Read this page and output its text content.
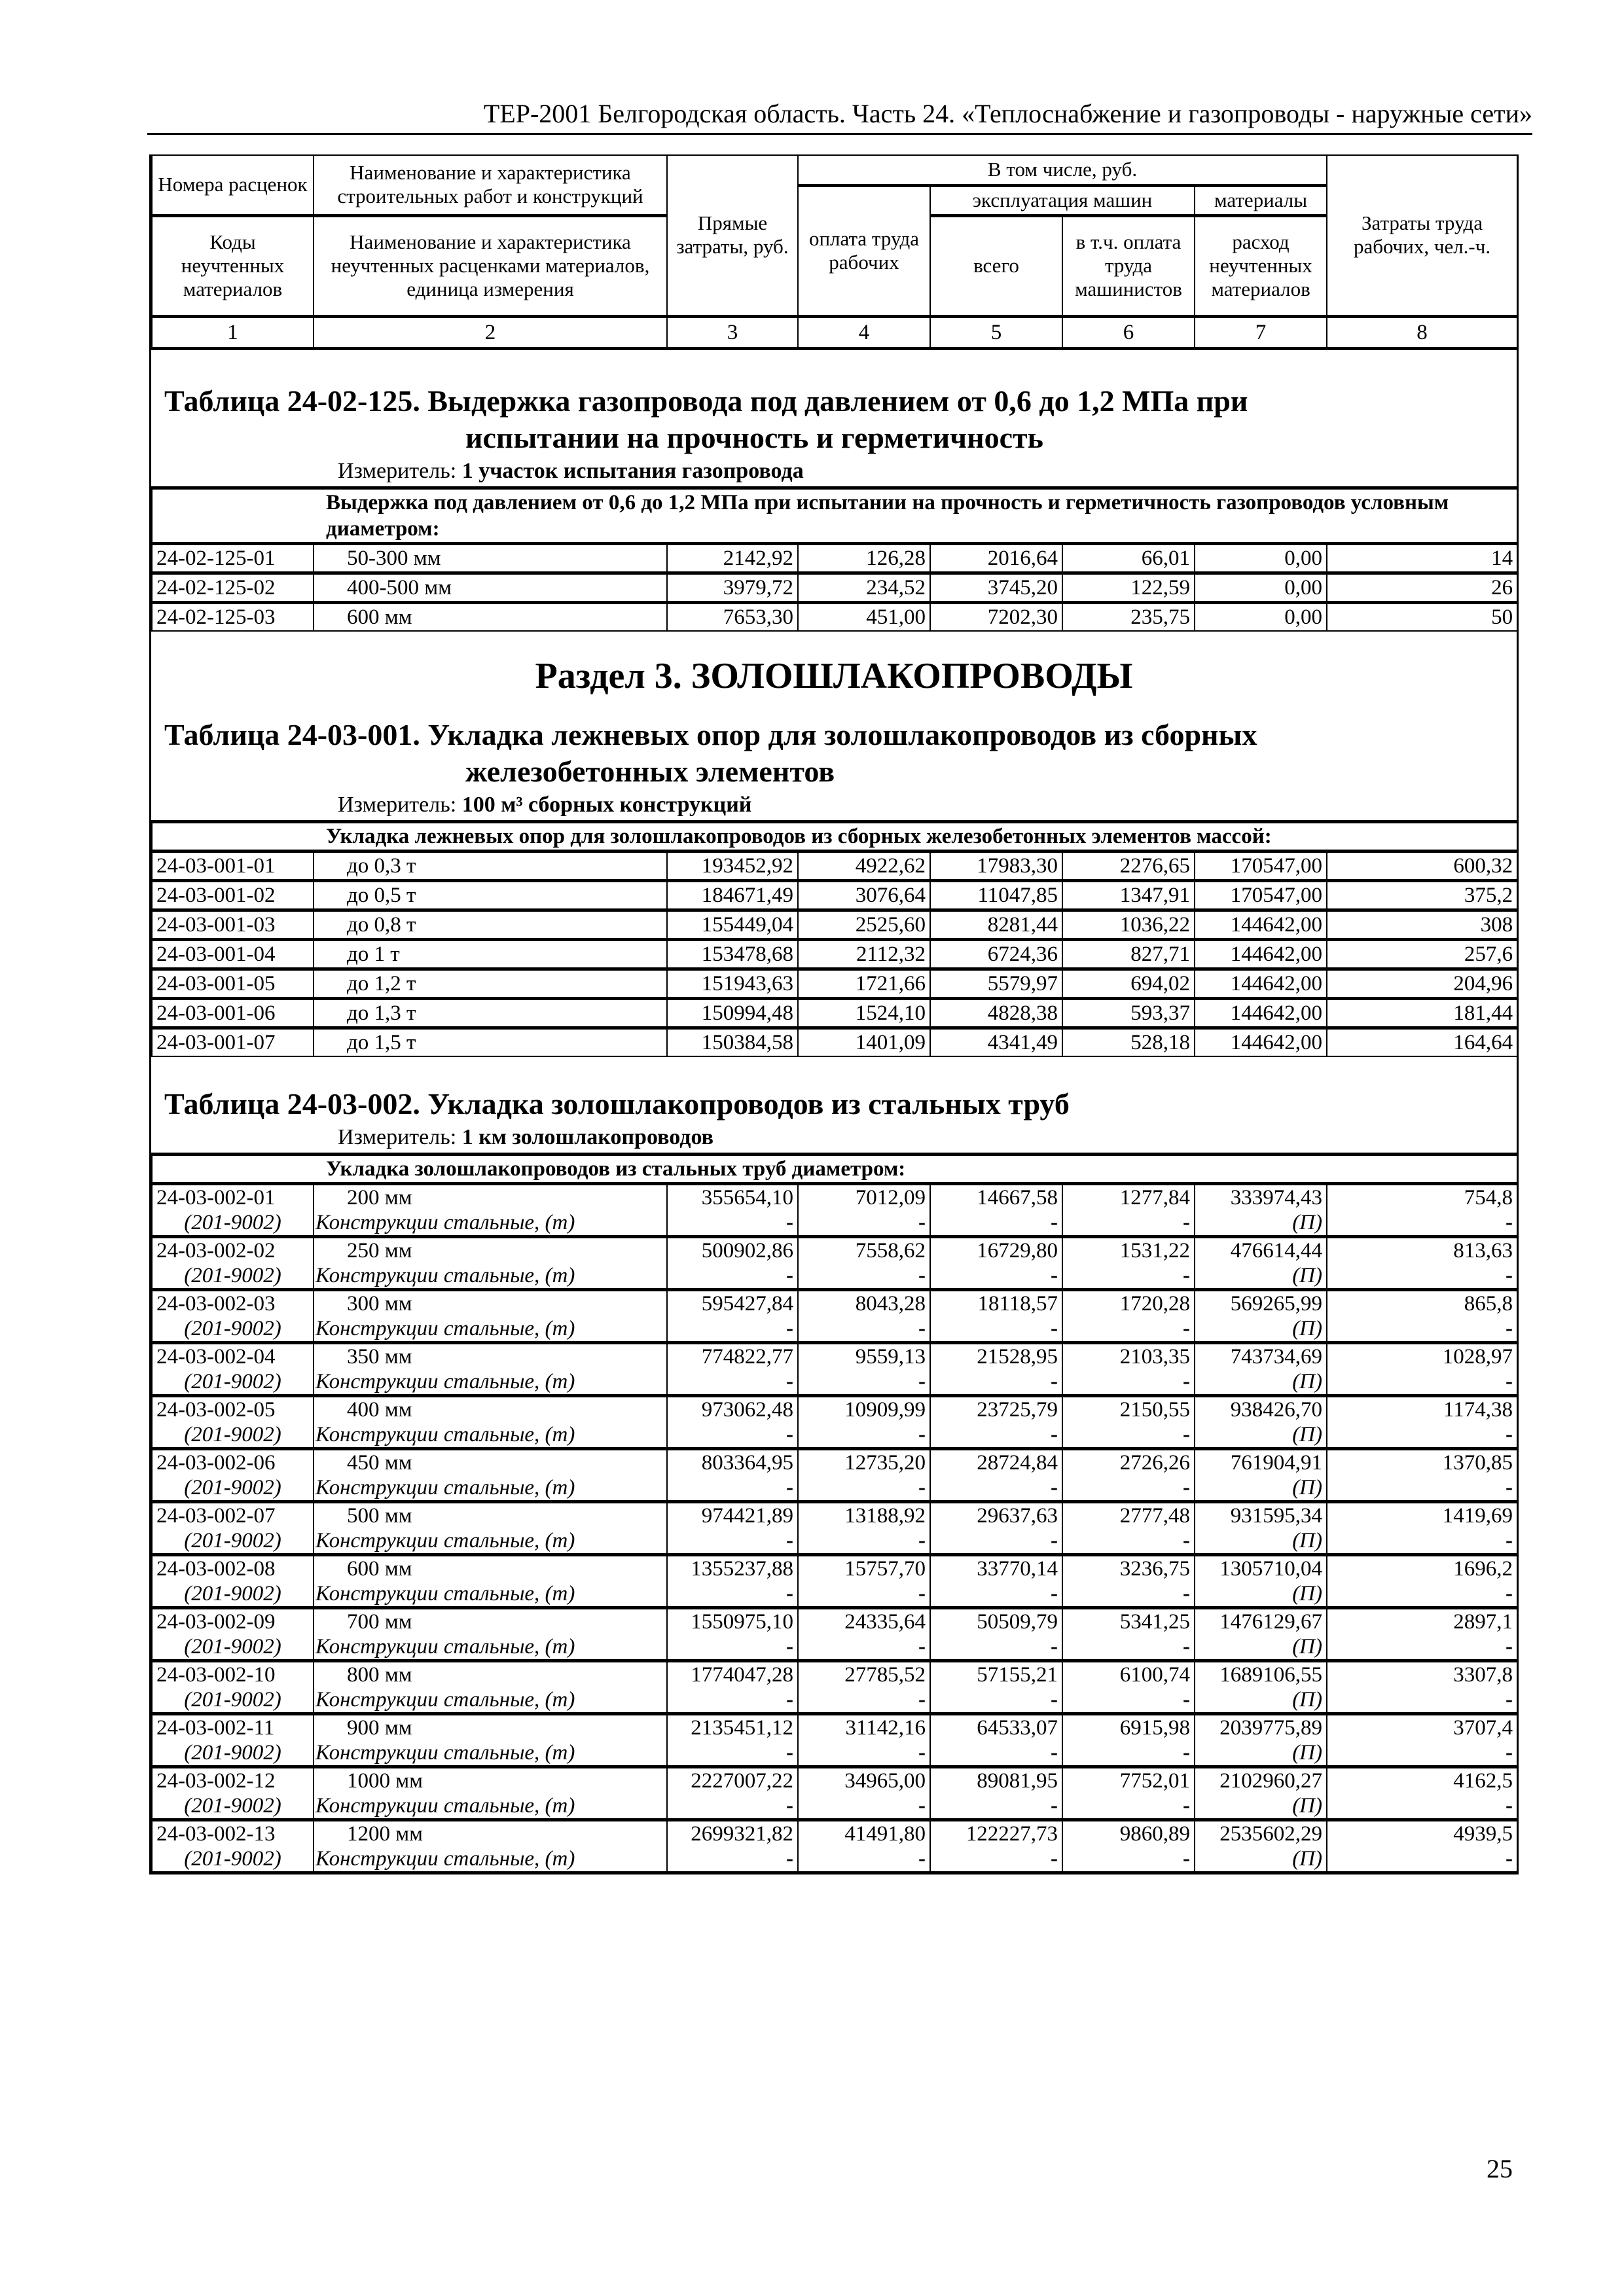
ТЕР-2001 Белгородская область. Часть 24. «Теплоснабжение и газопроводы - наружные сети»
Номера расценок	Наименование и характеристика строительных работ и конструкций	Прямые затраты, руб.	В том числе, руб.				Затраты труда рабочих, чел.-ч.
			оплата труда рабочих	эксплуатация машин		материалы	
Коды неучтенных материалов	Наименование и характеристика неучтенных расценками материалов, единица измерения			всего	в т.ч. оплата труда машинистов	расход неучтенных материалов	
1	2	3	4	5	6	7	8
Таблица 24-02-125. Выдержка газопровода под давлением от 0,6 до 1,2 МПа при
испытании на прочность и герметичность
Измеритель: 1 участок испытания газопровода
Выдержка под давлением от 0,6 до 1,2 МПа при испытании на прочность и герметичность газопроводов условным диаметром:							
24-02-125-01	50-300 мм	2142,92	126,28	2016,64	66,01	0,00	14
24-02-125-02	400-500 мм	3979,72	234,52	3745,20	122,59	0,00	26
24-02-125-03	600 мм	7653,30	451,00	7202,30	235,75	0,00	50
Раздел 3. ЗОЛОШЛАКОПРОВОДЫ
Таблица 24-03-001. Укладка лежневых опор для золошлакопроводов из сборных
железобетонных элементов
Измеритель: 100 м³ сборных конструкций
Укладка лежневых опор для золошлакопроводов из сборных железобетонных элементов массой:							
24-03-001-01	до 0,3 т	193452,92	4922,62	17983,30	2276,65	170547,00	600,32
24-03-001-02	до 0,5 т	184671,49	3076,64	11047,85	1347,91	170547,00	375,2
24-03-001-03	до 0,8 т	155449,04	2525,60	8281,44	1036,22	144642,00	308
24-03-001-04	до 1 т	153478,68	2112,32	6724,36	827,71	144642,00	257,6
24-03-001-05	до 1,2 т	151943,63	1721,66	5579,97	694,02	144642,00	204,96
24-03-001-06	до 1,3 т	150994,48	1524,10	4828,38	593,37	144642,00	181,44
24-03-001-07	до 1,5 т	150384,58	1401,09	4341,49	528,18	144642,00	164,64
Таблица 24-03-002. Укладка золошлакопроводов из стальных труб
Измеритель: 1 км золошлакопроводов
Укладка золошлакопроводов из стальных труб диаметром:							
24-03-002-01	200 мм	355654,10	7012,09	14667,58	1277,84	333974,43	754,8
(201-9002)	Конструкции стальные, (т)	-	-	-	-	(П)	-
24-03-002-02	250 мм	500902,86	7558,62	16729,80	1531,22	476614,44	813,63
(201-9002)	Конструкции стальные, (т)	-	-	-	-	(П)	-
24-03-002-03	300 мм	595427,84	8043,28	18118,57	1720,28	569265,99	865,8
(201-9002)	Конструкции стальные, (т)	-	-	-	-	(П)	-
24-03-002-04	350 мм	774822,77	9559,13	21528,95	2103,35	743734,69	1028,97
(201-9002)	Конструкции стальные, (т)	-	-	-	-	(П)	-
24-03-002-05	400 мм	973062,48	10909,99	23725,79	2150,55	938426,70	1174,38
(201-9002)	Конструкции стальные, (т)	-	-	-	-	(П)	-
24-03-002-06	450 мм	803364,95	12735,20	28724,84	2726,26	761904,91	1370,85
(201-9002)	Конструкции стальные, (т)	-	-	-	-	(П)	-
24-03-002-07	500 мм	974421,89	13188,92	29637,63	2777,48	931595,34	1419,69
(201-9002)	Конструкции стальные, (т)	-	-	-	-	(П)	-
24-03-002-08	600 мм	1355237,88	15757,70	33770,14	3236,75	1305710,04	1696,2
(201-9002)	Конструкции стальные, (т)	-	-	-	-	(П)	-
24-03-002-09	700 мм	1550975,10	24335,64	50509,79	5341,25	1476129,67	2897,1
(201-9002)	Конструкции стальные, (т)	-	-	-	-	(П)	-
24-03-002-10	800 мм	1774047,28	27785,52	57155,21	6100,74	1689106,55	3307,8
(201-9002)	Конструкции стальные, (т)	-	-	-	-	(П)	-
24-03-002-11	900 мм	2135451,12	31142,16	64533,07	6915,98	2039775,89	3707,4
(201-9002)	Конструкции стальные, (т)	-	-	-	-	(П)	-
24-03-002-12	1000 мм	2227007,22	34965,00	89081,95	7752,01	2102960,27	4162,5
(201-9002)	Конструкции стальные, (т)	-	-	-	-	(П)	-
24-03-002-13	1200 мм	2699321,82	41491,80	122227,73	9860,89	2535602,29	4939,5
(201-9002)	Конструкции стальные, (т)	-	-	-	-	(П)	-
25
